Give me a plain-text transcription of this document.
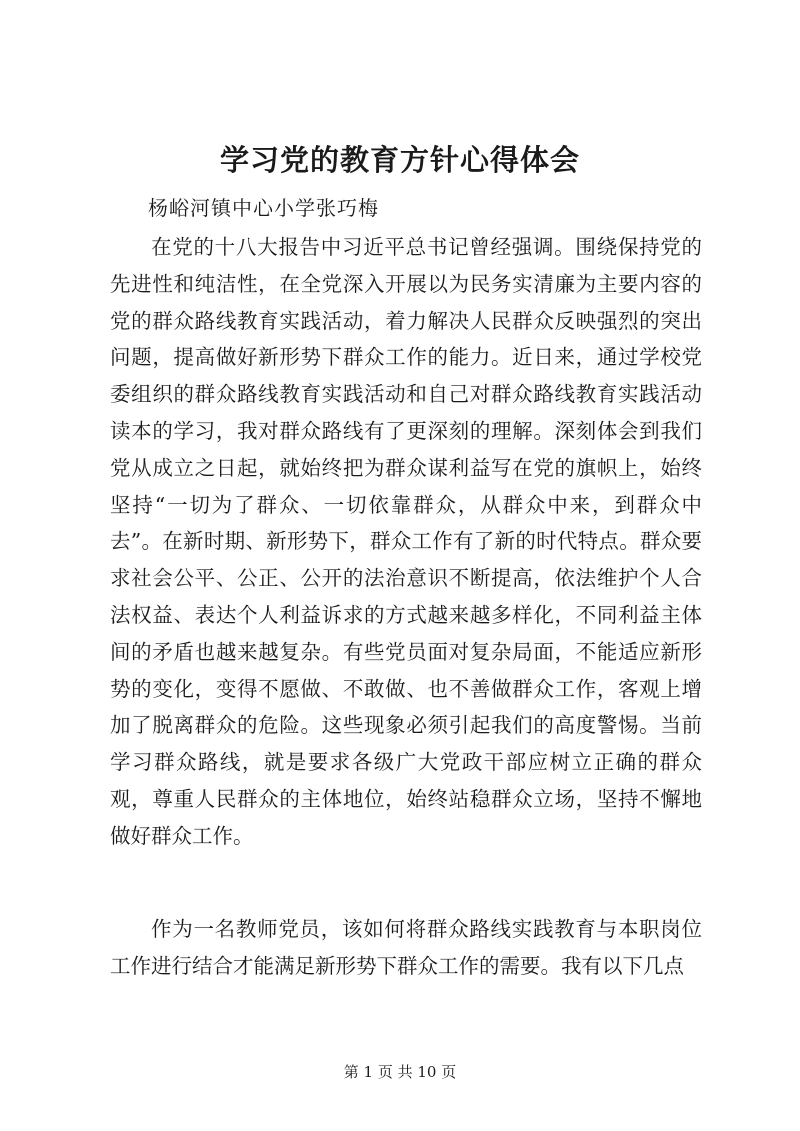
学习党的教育方针心得体会
杨峪河镇中心小学张巧梅

在党的十八大报告中习近平总书记曾经强调。围绕保持党的先进性和纯洁性，在全党深入开展以为民务实清廉为主要内容的党的群众路线教育实践活动，着力解决人民群众反映强烈的突出问题，提高做好新形势下群众工作的能力。近日来，通过学校党委组织的群众路线教育实践活动和自己对群众路线教育实践活动读本的学习，我对群众路线有了更深刻的理解。深刻体会到我们党从成立之日起，就始终把为群众谋利益写在党的旗帜上，始终坚持“一切为了群众、一切依靠群众，从群众中来，到群众中去”。在新时期、新形势下，群众工作有了新的时代特点。群众要求社会公平、公正、公开的法治意识不断提高，依法维护个人合法权益、表达个人利益诉求的方式越来越多样化，不同利益主体间的矛盾也越来越复杂。有些党员面对复杂局面，不能适应新形势的变化，变得不愿做、不敢做、也不善做群众工作，客观上增加了脱离群众的危险。这些现象必须引起我们的高度警惕。当前学习群众路线，就是要求各级广大党政干部应树立正确的群众观，尊重人民群众的主体地位，始终站稳群众立场，坚持不懈地做好群众工作。

作为一名教师党员，该如何将群众路线实践教育与本职岗位工作进行结合才能满足新形势下群众工作的需要。我有以下几点

第 1 页 共 10 页
